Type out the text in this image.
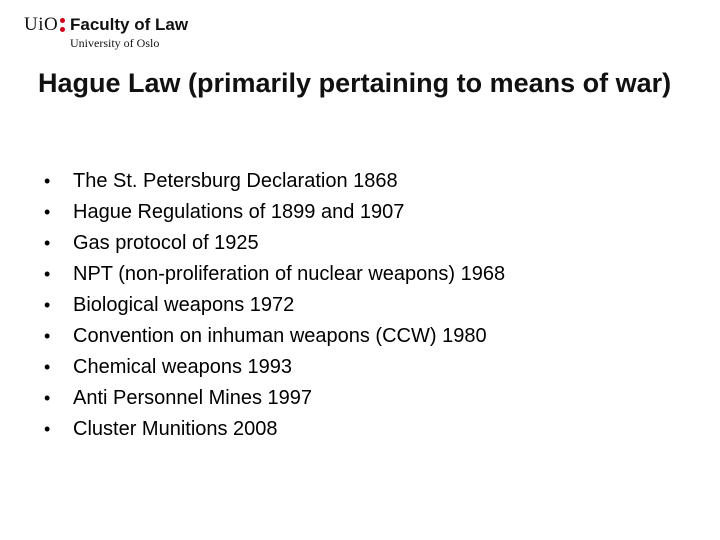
UiO Faculty of Law
University of Oslo
Hague Law (primarily pertaining to means of war)
•	The St. Petersburg Declaration 1868
•	Hague Regulations of 1899 and 1907
•	Gas protocol of 1925
•	NPT (non-proliferation of nuclear weapons) 1968
•	Biological weapons 1972
•	Convention on inhuman weapons (CCW) 1980
•	Chemical weapons 1993
•	Anti Personnel Mines 1997
•	Cluster Munitions 2008
